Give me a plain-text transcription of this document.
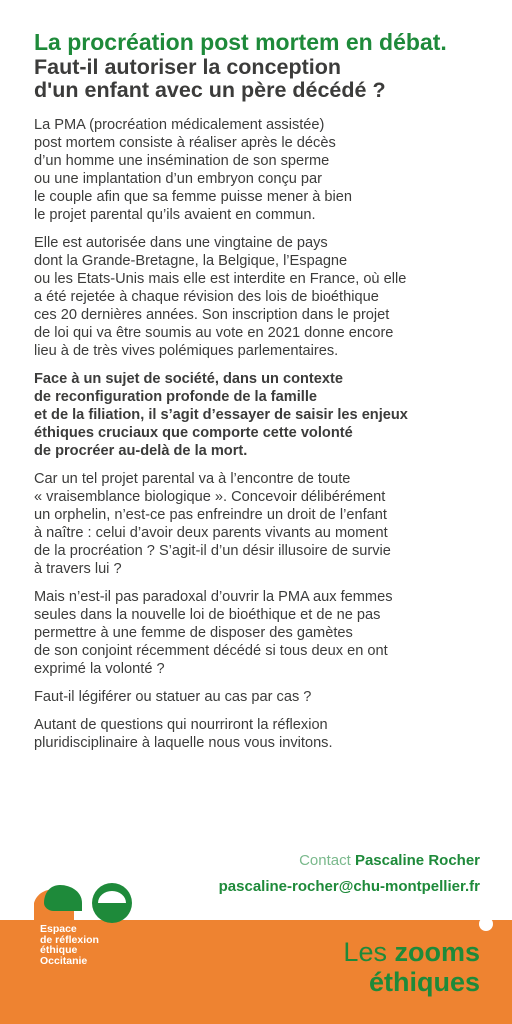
La procréation post mortem en débat.
Faut-il autoriser la conception
d'un enfant avec un père décédé ?

La PMA (procréation médicalement assistée)
post mortem consiste à réaliser après le décès
d’un homme une insémination de son sperme
ou une implantation d’un embryon conçu par
le couple afin que sa femme puisse mener à bien
le projet parental qu’ils avaient en commun.

Elle est autorisée dans une vingtaine de pays
dont la Grande-Bretagne, la Belgique, l’Espagne
ou les Etats-Unis mais elle est interdite en France, où elle
a été rejetée à chaque révision des lois de bioéthique
ces 20 dernières années. Son inscription dans le projet
de loi qui va être soumis au vote en 2021 donne encore
lieu à de très vives polémiques parlementaires.

Face à un sujet de société, dans un contexte
de reconfiguration profonde de la famille
et de la filiation, il s’agit d’essayer de saisir les enjeux
éthiques cruciaux que comporte cette volonté
de procréer au-delà de la mort.

Car un tel projet parental va à l’encontre de toute
« vraisemblance biologique ». Concevoir délibérément
un orphelin, n’est-ce pas enfreindre un droit de l’enfant
à naître : celui d’avoir deux parents vivants au moment
de la procréation ? S’agit-il d’un désir illusoire de survie
à travers lui ?

Mais n’est-il pas paradoxal d’ouvrir la PMA aux femmes
seules dans la nouvelle loi de bioéthique et de ne pas
permettre à une femme de disposer des gamètes
de son conjoint récemment décédé si tous deux en ont
exprimé la volonté ?

Faut-il légiférer ou statuer au cas par cas ?

Autant de questions qui nourriront la réflexion
pluridisciplinaire à laquelle nous vous invitons.

Contact Pascaline Rocher
pascaline-rocher@chu-montpellier.fr
Espace
de réflexion
éthique
Occitanie	Les zooms
éthiques
